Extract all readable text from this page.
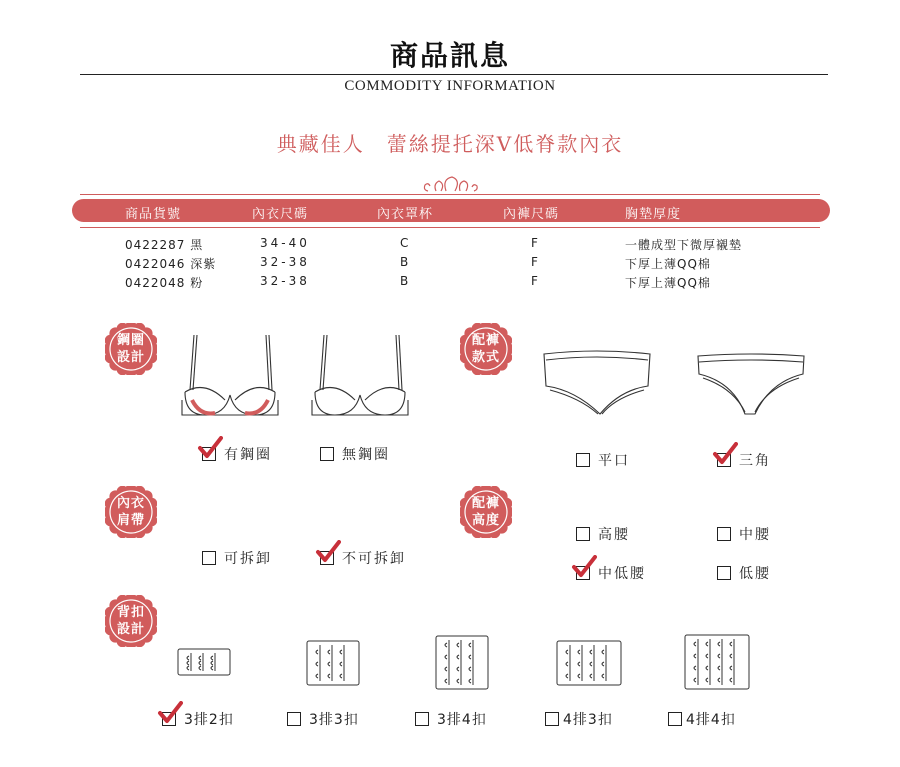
商品訊息
COMMODITY INFORMATION
典藏佳人　蕾絲提托深V低脊款內衣
商品貨號	內衣尺碼	內衣罩杯	內褲尺碼	胸墊厚度
0422287 黑	34-40	C	F	一體成型下微厚襯墊
0422046 深紫	32-38	B	F	下厚上薄QQ棉
0422048 粉	32-38	B	F	下厚上薄QQ棉
鋼圈
設計
配褲
款式
內衣
肩帶
配褲
高度
背扣
設計
有鋼圈	無鋼圈	平口	三角
可拆卸	不可拆卸
高腰	中腰
中低腰	低腰
3排2扣	3排3扣	3排4扣	4排3扣	4排4扣
